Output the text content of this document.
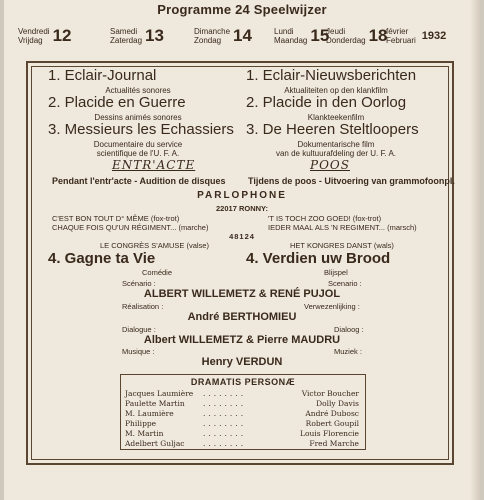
Programme 24 Speelwijzer
Vendredi
Vrijdag 12	Samedi
Zaterdag 13	Dimanche
Zondag 14	Lundi
Maandag 15
Jeudi
Donderdag 18
février
Februari 1932
1. Eclair-Journal	1. Eclair-Nieuwsberichten
Actualités sonores	Aktualiteiten op den klankfilm
2. Placide en Guerre	2. Placide in den Oorlog
Dessins animés sonores	Klankteekenfilm
3. Messieurs les Echassiers 3. De Heeren Steltloopers
Documentaire du service
scientifique de l'U. F. A.
Dokumentarische film
van de kultuurafdeling der U. F. A.
ENTR'ACTE	POOS
Pendant l'entr'acte - Audition de disques	Tijdens de poos - Uitvoering van grammofoonpl.
PARLOPHONE
22017 RONNY:
C'EST BON TOUT D° MÊME (fox-trot)
CHAQUE FOIS QU'UN RÉGIMENT... (marche)
'T IS TOCH ZOO GOED! (fox-trot)
IEDER MAAL ALS 'N REGIMENT... (marsch)
48124
LE CONGRÈS S'AMUSE (valse)	HET KONGRES DANST (wals)
4. Gagne ta Vie	4. Verdien uw Brood
Comédie	Blijspel
Scénario :	Scenario :
ALBERT WILLEMETZ & RENÉ PUJOL
Réalisation :	Verwezenlijking :
André BERTHOMIEU
Dialogue :	Dialoog :
Albert WILLEMETZ & Pierre MAUDRU
Musique :	Muziek :
Henry VERDUN
DRAMATIS PERSONÆ
Jacques Laumière ........	Victor Boucher
Paulette Martin ........	Dolly Davis
M. Laumière	........	André Dubosc
Philippe	........	Robert Goupil
M. Martin	........	Louis Florencie
Adelbert Guljac ........	Fred Marche
